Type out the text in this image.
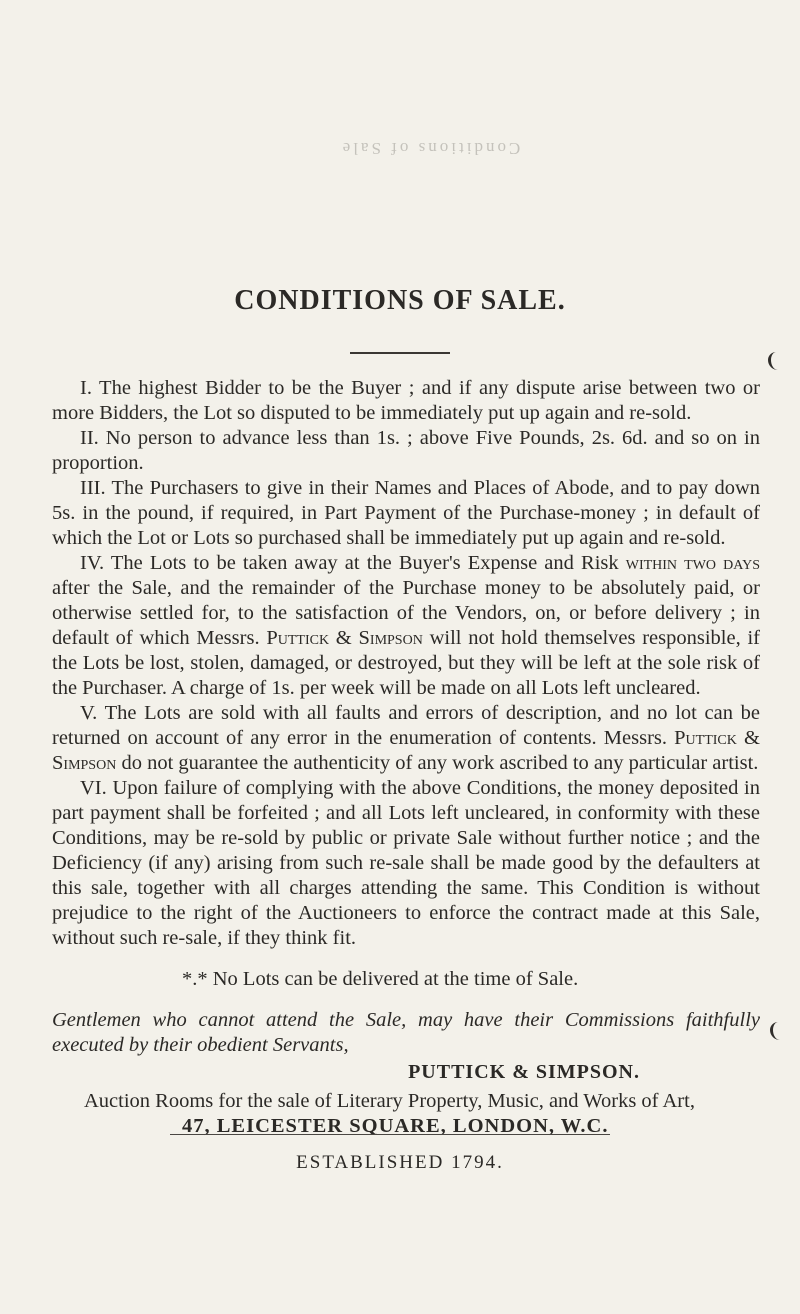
Conditions of Sale
CONDITIONS OF SALE.

I. The highest Bidder to be the Buyer ; and if any dispute arise between two or more Bidders, the Lot so disputed to be immediately put up again and re-sold.

II. No person to advance less than 1s. ; above Five Pounds, 2s. 6d. and so on in proportion.

III. The Purchasers to give in their Names and Places of Abode, and to pay down 5s. in the pound, if required, in Part Payment of the Purchase-money ; in default of which the Lot or Lots so purchased shall be immediately put up again and re-sold.

IV. The Lots to be taken away at the Buyer's Expense and Risk within two days after the Sale, and the remainder of the Purchase money to be absolutely paid, or otherwise settled for, to the satisfaction of the Vendors, on, or before delivery ; in default of which Messrs. Puttick & Simpson will not hold themselves responsible, if the Lots be lost, stolen, damaged, or destroyed, but they will be left at the sole risk of the Purchaser. A charge of 1s. per week will be made on all Lots left uncleared.

V. The Lots are sold with all faults and errors of description, and no lot can be returned on account of any error in the enumeration of contents. Messrs. Puttick & Simpson do not guarantee the authenticity of any work ascribed to any particular artist.

VI. Upon failure of complying with the above Conditions, the money deposited in part payment shall be forfeited ; and all Lots left uncleared, in conformity with these Conditions, may be re-sold by public or private Sale without further notice ; and the Deficiency (if any) arising from such re-sale shall be made good by the defaulters at this sale, together with all charges attending the same. This Condition is without prejudice to the right of the Auctioneers to enforce the contract made at this Sale, without such re-sale, if they think fit.

*.* No Lots can be delivered at the time of Sale.

Gentlemen who cannot attend the Sale, may have their Commissions faithfully executed by their obedient Servants,

PUTTICK & SIMPSON.

Auction Rooms for the sale of Literary Property, Music, and Works of Art,

47, LEICESTER SQUARE, LONDON, W.C.

ESTABLISHED 1794.
